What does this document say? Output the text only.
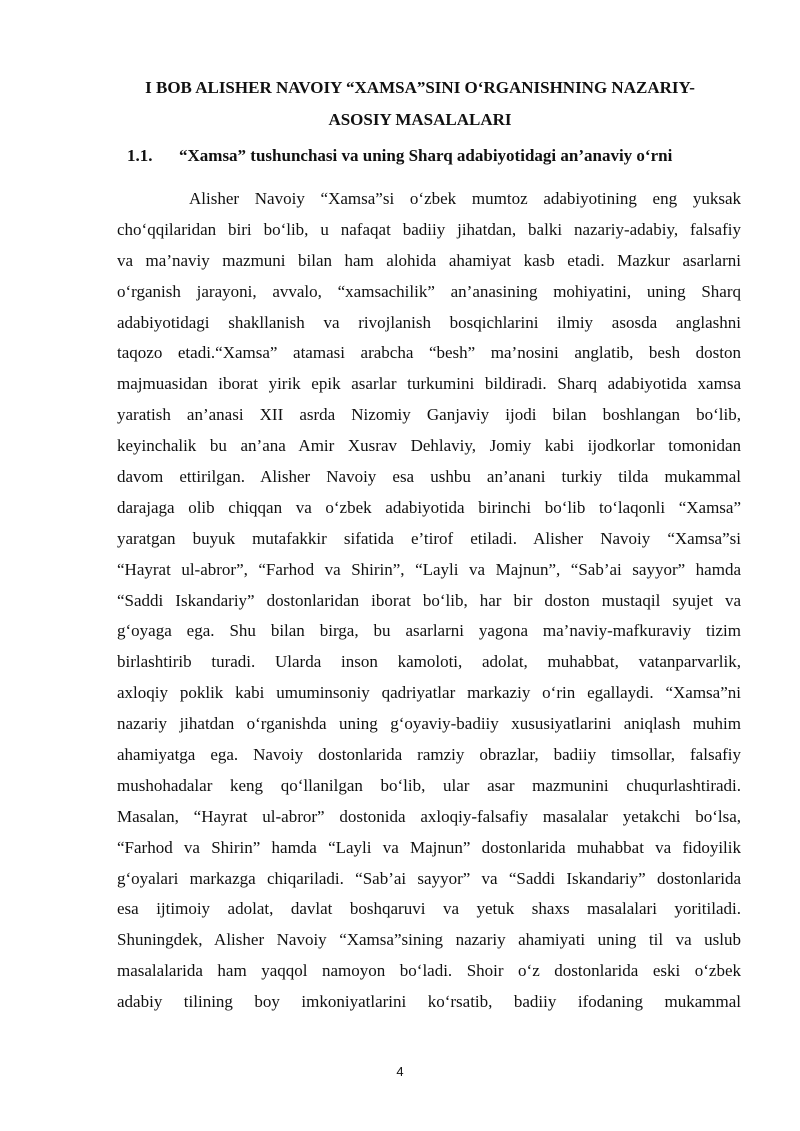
I BOB ALISHER NAVOIY “XAMSA”SINI O‘RGANISHNING NAZARIY-
ASOSIY MASALALARI
1.1. “Xamsa” tushunchasi va uning Sharq adabiyotidagi an’anaviy o‘rni
Alisher Navoiy “Xamsa”si o‘zbek mumtoz adabiyotining eng yuksak
cho‘qqilaridan biri bo‘lib, u nafaqat badiiy jihatdan, balki nazariy-adabiy, falsafiy
va ma’naviy mazmuni bilan ham alohida ahamiyat kasb etadi. Mazkur asarlarni
o‘rganish jarayoni, avvalo, “xamsachilik” an’anasining mohiyatini, uning Sharq
adabiyotidagi shakllanish va rivojlanish bosqichlarini ilmiy asosda anglashni
taqozo etadi.“Xamsa” atamasi arabcha “besh” ma’nosini anglatib, besh doston
majmuasidan iborat yirik epik asarlar turkumini bildiradi. Sharq adabiyotida xamsa
yaratish an’anasi XII asrda Nizomiy Ganjaviy ijodi bilan boshlangan bo‘lib,
keyinchalik bu an’ana Amir Xusrav Dehlaviy, Jomiy kabi ijodkorlar tomonidan
davom ettirilgan. Alisher Navoiy esa ushbu an’anani turkiy tilda mukammal
darajaga olib chiqqan va o‘zbek adabiyotida birinchi bo‘lib to‘laqonli “Xamsa”
yaratgan buyuk mutafakkir sifatida e’tirof etiladi. Alisher Navoiy “Xamsa”si
“Hayrat ul-abror”, “Farhod va Shirin”, “Layli va Majnun”, “Sab’ai sayyor” hamda
“Saddi Iskandariy” dostonlaridan iborat bo‘lib, har bir doston mustaqil syujet va
g‘oyaga ega. Shu bilan birga, bu asarlarni yagona ma’naviy-mafkuraviy tizim
birlashtirib turadi. Ularda inson kamoloti, adolat, muhabbat, vatanparvarlik,
axloqiy poklik kabi umuminsoniy qadriyatlar markaziy o‘rin egallaydi. “Xamsa”ni
nazariy jihatdan o‘rganishda uning g‘oyaviy-badiiy xususiyatlarini aniqlash muhim
ahamiyatga ega. Navoiy dostonlarida ramziy obrazlar, badiiy timsollar, falsafiy
mushohadalar keng qo‘llanilgan bo‘lib, ular asar mazmunini chuqurlashtiradi.
Masalan, “Hayrat ul-abror” dostonida axloqiy-falsafiy masalalar yetakchi bo‘lsa,
“Farhod va Shirin” hamda “Layli va Majnun” dostonlarida muhabbat va fidoyilik
g‘oyalari markazga chiqariladi. “Sab’ai sayyor” va “Saddi Iskandariy” dostonlarida
esa ijtimoiy adolat, davlat boshqaruvi va yetuk shaxs masalalari yoritiladi.
Shuningdek, Alisher Navoiy “Xamsa”sining nazariy ahamiyati uning til va uslub
masalalarida ham yaqqol namoyon bo‘ladi. Shoir o‘z dostonlarida eski o‘zbek
adabiy tilining boy imkoniyatlarini ko‘rsatib, badiiy ifodaning mukammal
4
